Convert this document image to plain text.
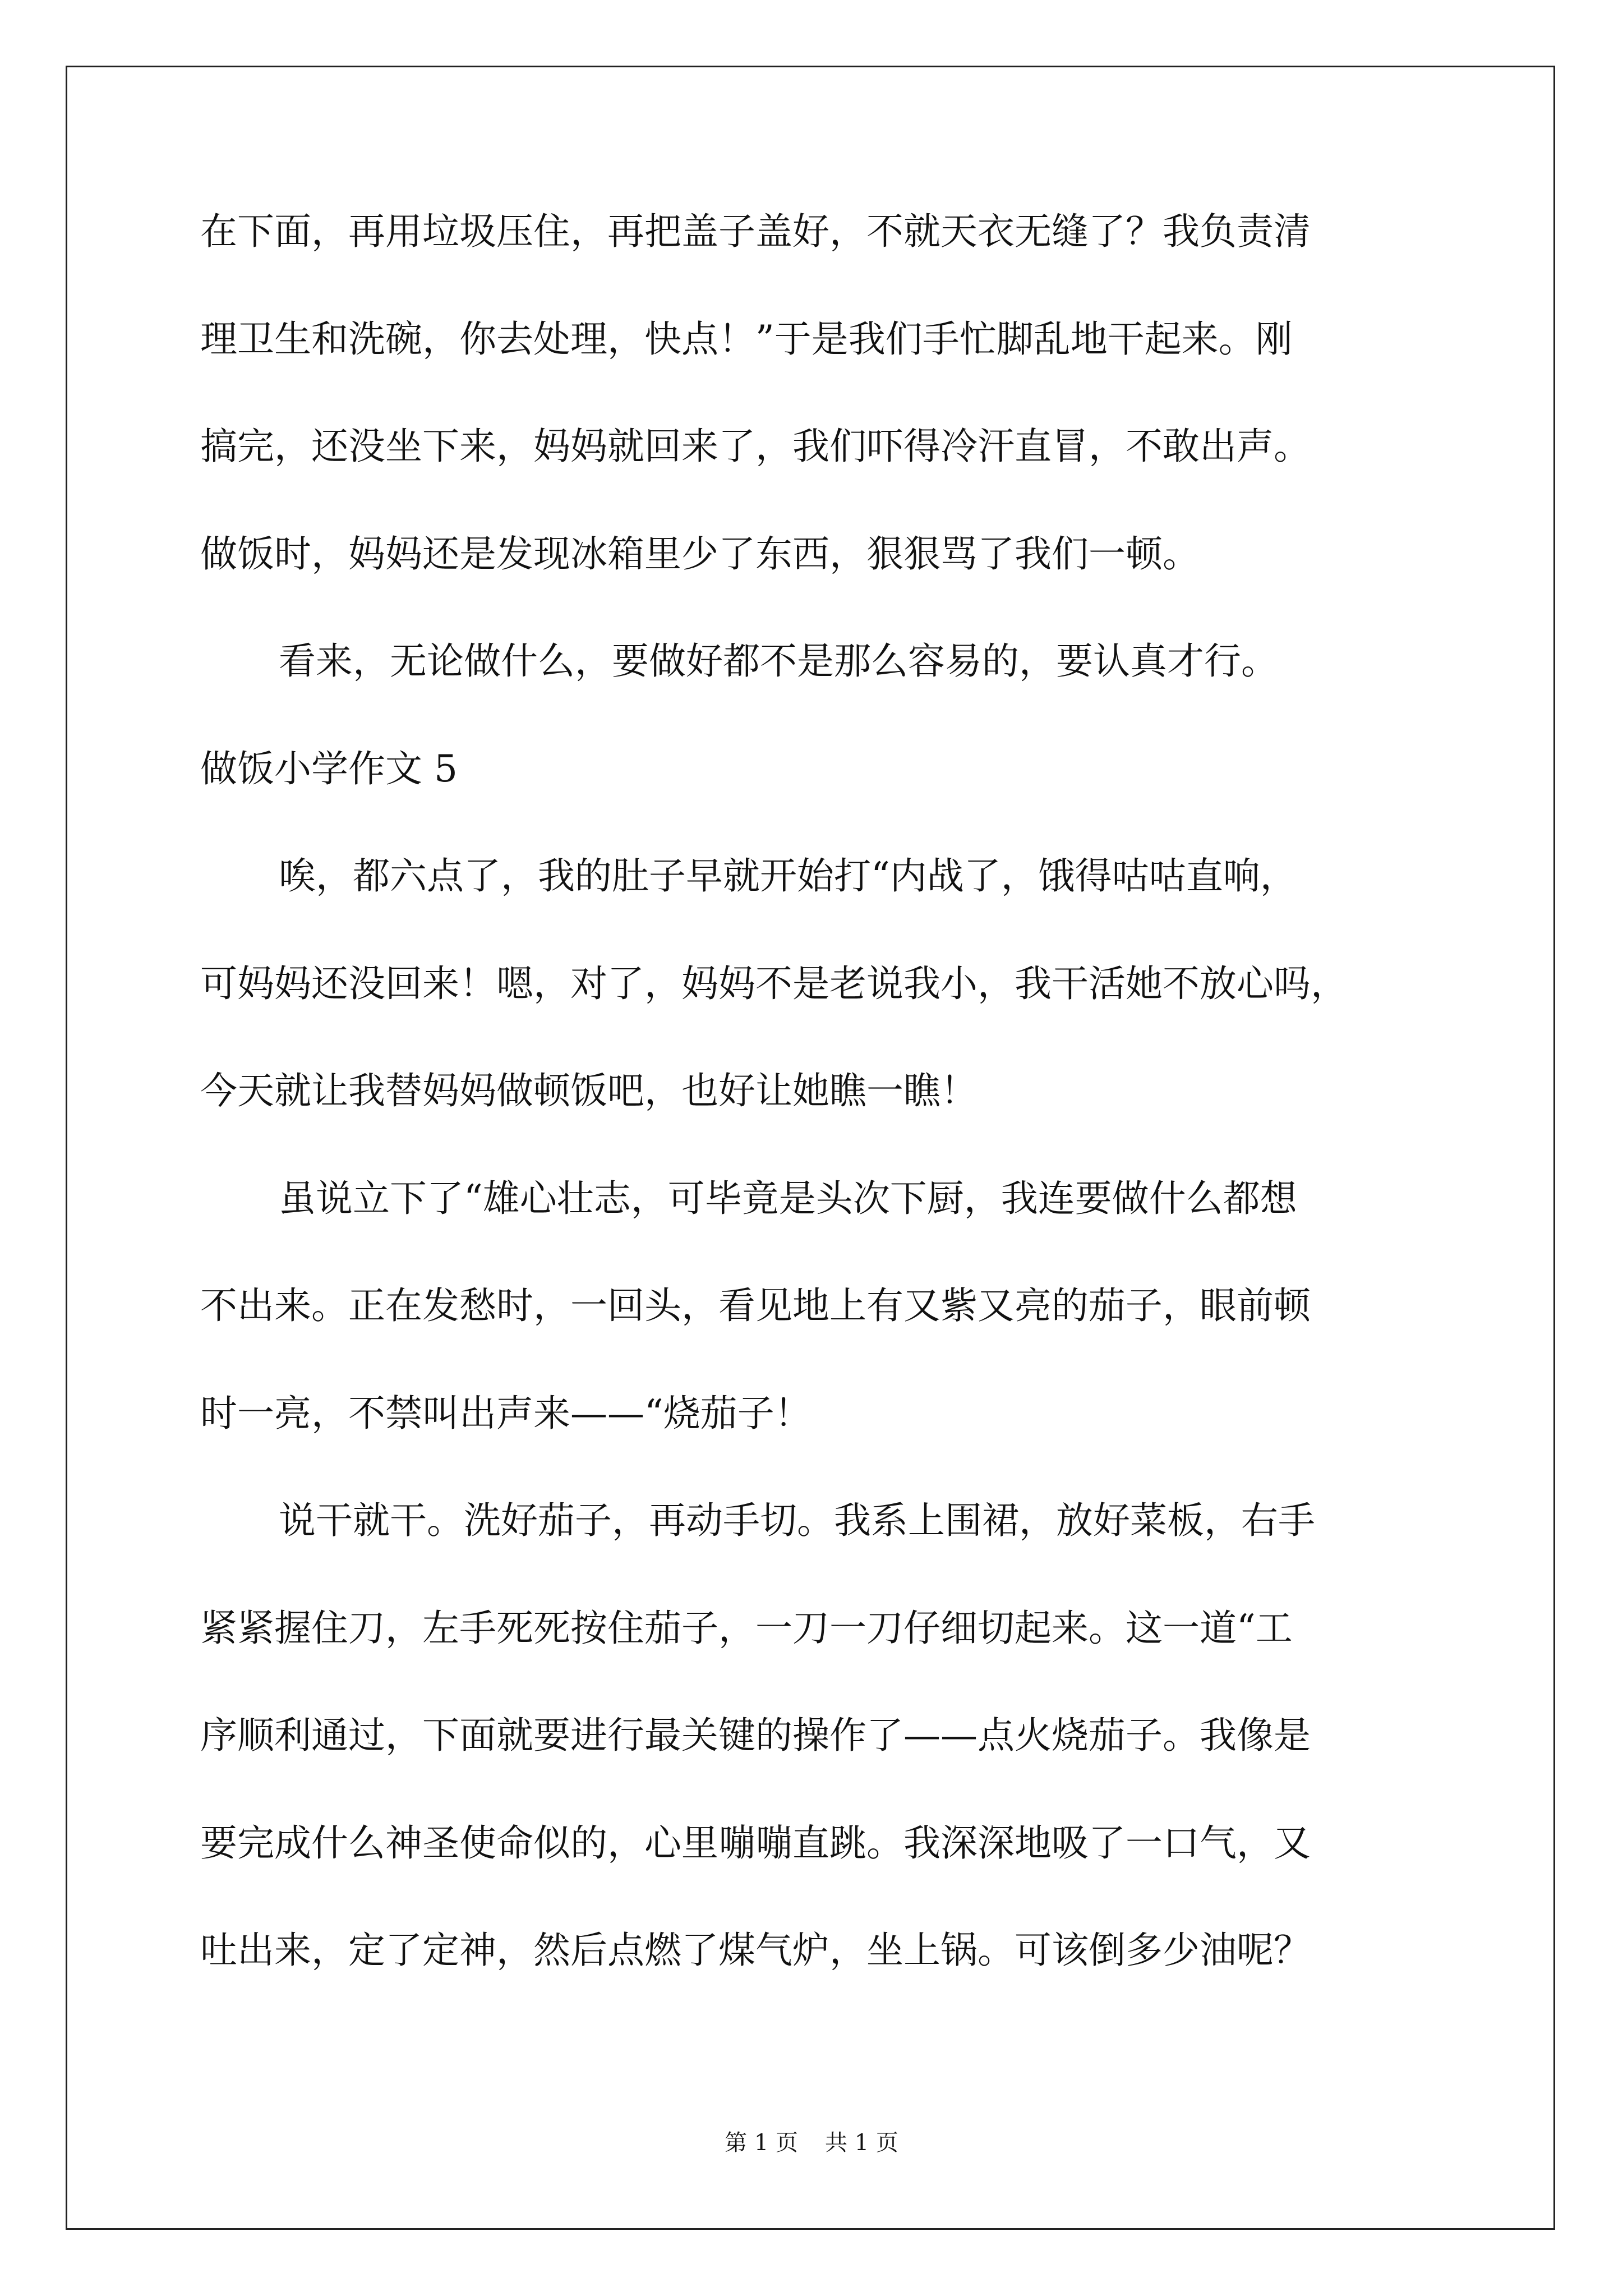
在下面，再用垃圾压住，再把盖子盖好，不就天衣无缝了？我负责清
理卫生和洗碗，你去处理，快点！”于是我们手忙脚乱地干起来。刚
搞完，还没坐下来，妈妈就回来了，我们吓得冷汗直冒，不敢出声。
做饭时，妈妈还是发现冰箱里少了东西，狠狠骂了我们一顿。
看来，无论做什么，要做好都不是那么容易的，要认真才行。
做饭小学作文 5
唉，都六点了，我的肚子早就开始打“内战了，饿得咕咕直响，
可妈妈还没回来！嗯，对了，妈妈不是老说我小，我干活她不放心吗，
今天就让我替妈妈做顿饭吧，也好让她瞧一瞧！
虽说立下了“雄心壮志，可毕竟是头次下厨，我连要做什么都想
不出来。正在发愁时，一回头，看见地上有又紫又亮的茄子，眼前顿
时一亮，不禁叫出声来——“烧茄子！
说干就干。洗好茄子，再动手切。我系上围裙，放好菜板，右手
紧紧握住刀，左手死死按住茄子，一刀一刀仔细切起来。这一道“工
序顺利通过，下面就要进行最关键的操作了——点火烧茄子。我像是
要完成什么神圣使命似的，心里嘣嘣直跳。我深深地吸了一口气，又
吐出来，定了定神，然后点燃了煤气炉，坐上锅。可该倒多少油呢？
第 1 页 共 1 页
